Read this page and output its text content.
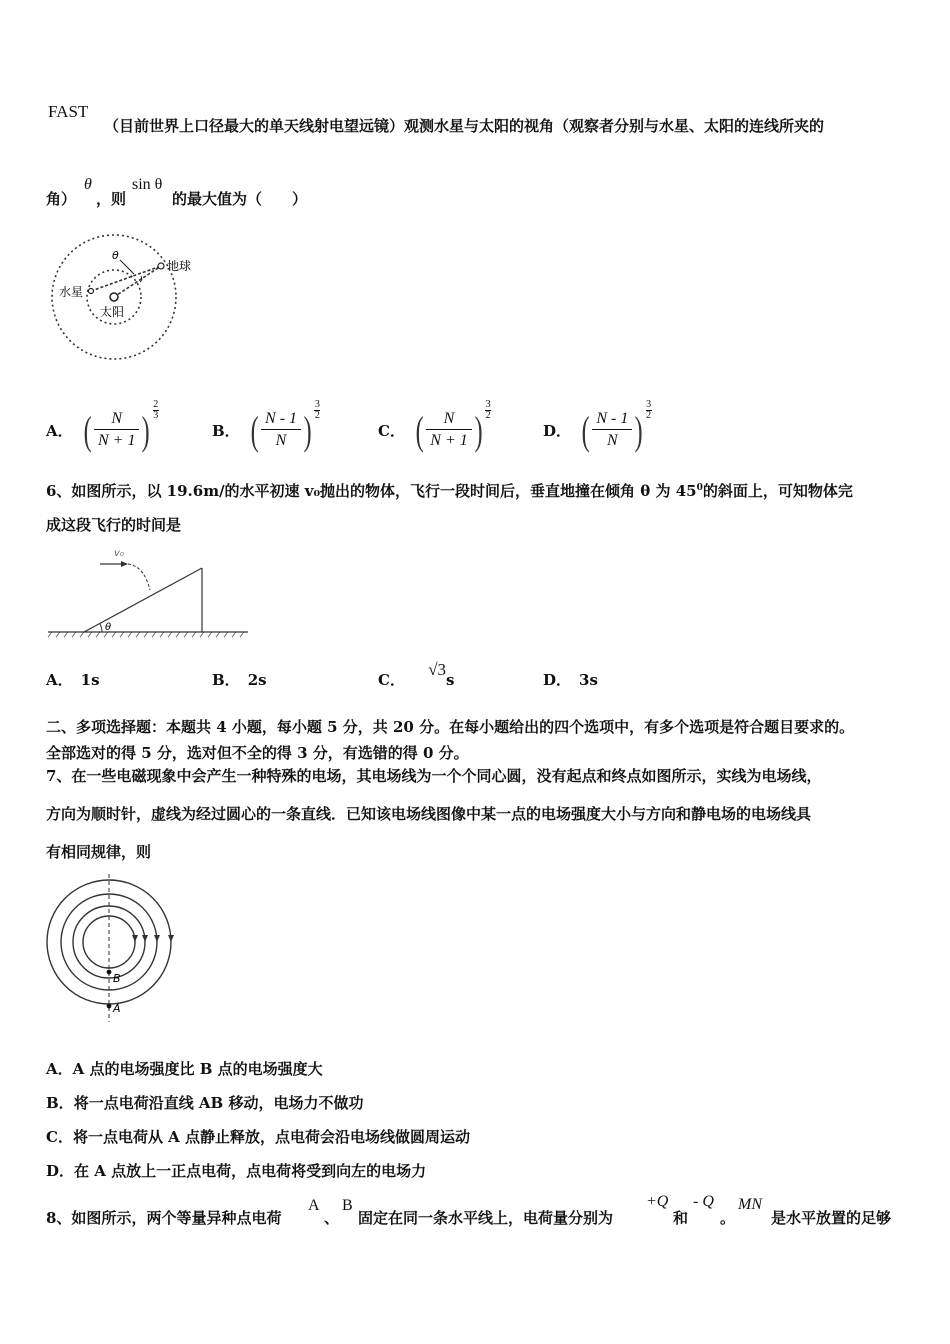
FAST
（目前世界上口径最大的单天线射电望远镜）观测水星与太阳的视角（观察者分别与水星、太阳的连线所夹的
角）
θ
，则
sin θ
的最大值为（　　）
θ
地球
水星
太阳
A． ( $\frac{N}{N + 1}$ )
2
3
B． ( $\frac{N - 1}{N}$ )
3
2
C． ( $\frac{N}{N + 1}$ )
3
2
D． ( $\frac{N - 1}{N}$ )
3
2
6、如图所示，以 19.6m/的水平初速 v₀抛出的物体，飞行一段时间后，垂直地撞在倾角 θ 为 $45^0$的斜面上，可知物体完
成这段飞行的时间是
θ
v₀
A． 1s	B． 2s	C． √3s	D． 3s
二、多项选择题：本题共 4 小题，每小题 5 分，共 20 分。在每小题给出的四个选项中，有多个选项是符合题目要求的。
全部选对的得 5 分，选对但不全的得 3 分，有选错的得 0 分。
7、在一些电磁现象中会产生一种特殊的电场，其电场线为一个个同心圆，没有起点和终点如图所示，实线为电场线，
方向为顺时针，虚线为经过圆心的一条直线．已知该电场线图像中某一点的电场强度大小与方向和静电场的电场线具
有相同规律，则
B
A
A．A 点的电场强度比 B 点的电场强度大
B．将一点电荷沿直线 AB 移动，电场力不做功
C．将一点电荷从 A 点静止释放，点电荷会沿电场线做圆周运动
D．在 A 点放上一正点电荷，点电荷将受到向左的电场力
8、如图所示，两个等量异种点电荷
A
、
B
固定在同一条水平线上，电荷量分别为
+Q
和
- Q
。
MN
是水平放置的足够
